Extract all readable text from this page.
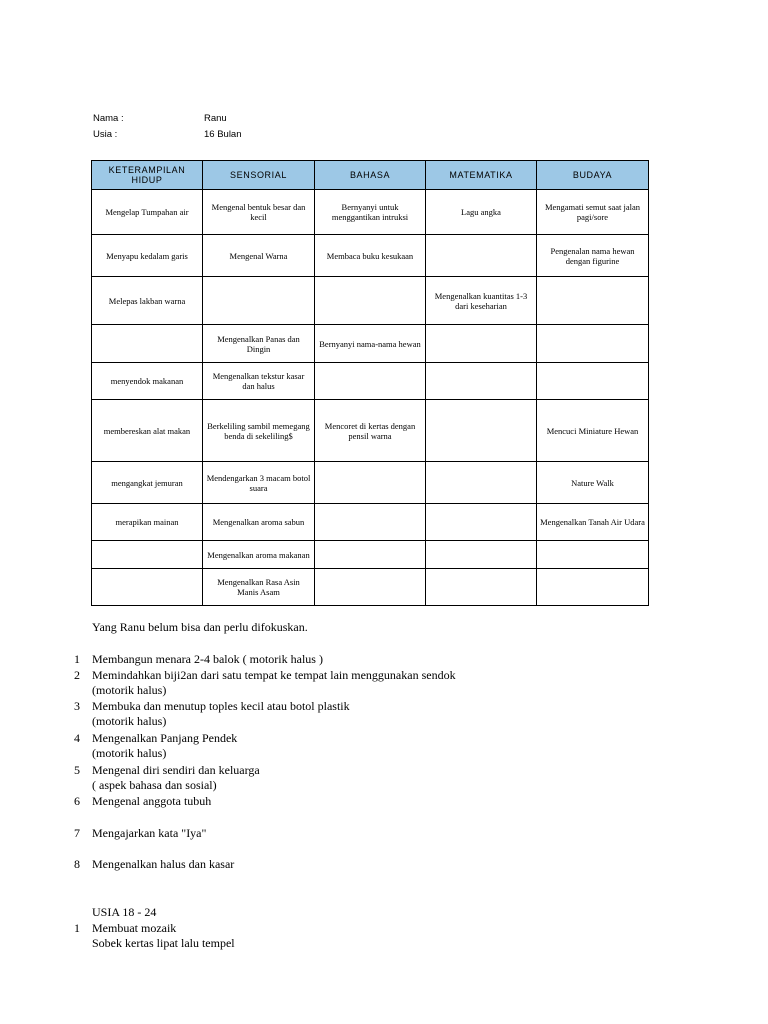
Nama :	Ranu
Usia :	16 Bulan
KETERAMPILAN HIDUP	SENSORIAL	BAHASA	MATEMATIKA	BUDAYA
Mengelap Tumpahan air	Mengenal bentuk besar dan kecil	Bernyanyi untuk menggantikan intruksi	Lagu angka	Mengamati semut saat jalan pagi/sore
Menyapu kedalam garis	Mengenal Warna	Membaca buku kesukaan		Pengenalan nama hewan dengan figurine
Melepas lakban warna			Mengenalkan kuantitas 1-3 dari keseharian	
	Mengenalkan Panas dan Dingin	Bernyanyi nama-nama hewan		
menyendok makanan	Mengenalkan tekstur kasar dan halus			
membereskan alat makan	Berkeliling sambil memegang benda di sekeliling$	Mencoret di kertas dengan pensil warna		Mencuci Miniature Hewan
mengangkat jemuran	Mendengarkan 3 macam botol suara			Nature Walk
merapikan mainan	Mengenalkan aroma sabun			Mengenalkan Tanah Air Udara
	Mengenalkan aroma makanan			
	Mengenalkan Rasa Asin Manis Asam			
Yang Ranu belum bisa dan perlu difokuskan.
1 Membangun menara 2-4 balok ( motorik halus )
2 Memindahkan biji2an dari satu tempat ke tempat lain menggunakan sendok
(motorik halus)
3 Membuka dan menutup toples kecil atau botol plastik
(motorik halus)
4 Mengenalkan Panjang Pendek
(motorik halus)
5 Mengenal diri sendiri dan keluarga
( aspek bahasa dan sosial)
6 Mengenal anggota tubuh
7 Mengajarkan kata "Iya"
8 Mengenalkan halus dan kasar
USIA 18 - 24
1 Membuat mozaik
Sobek kertas lipat lalu tempel
